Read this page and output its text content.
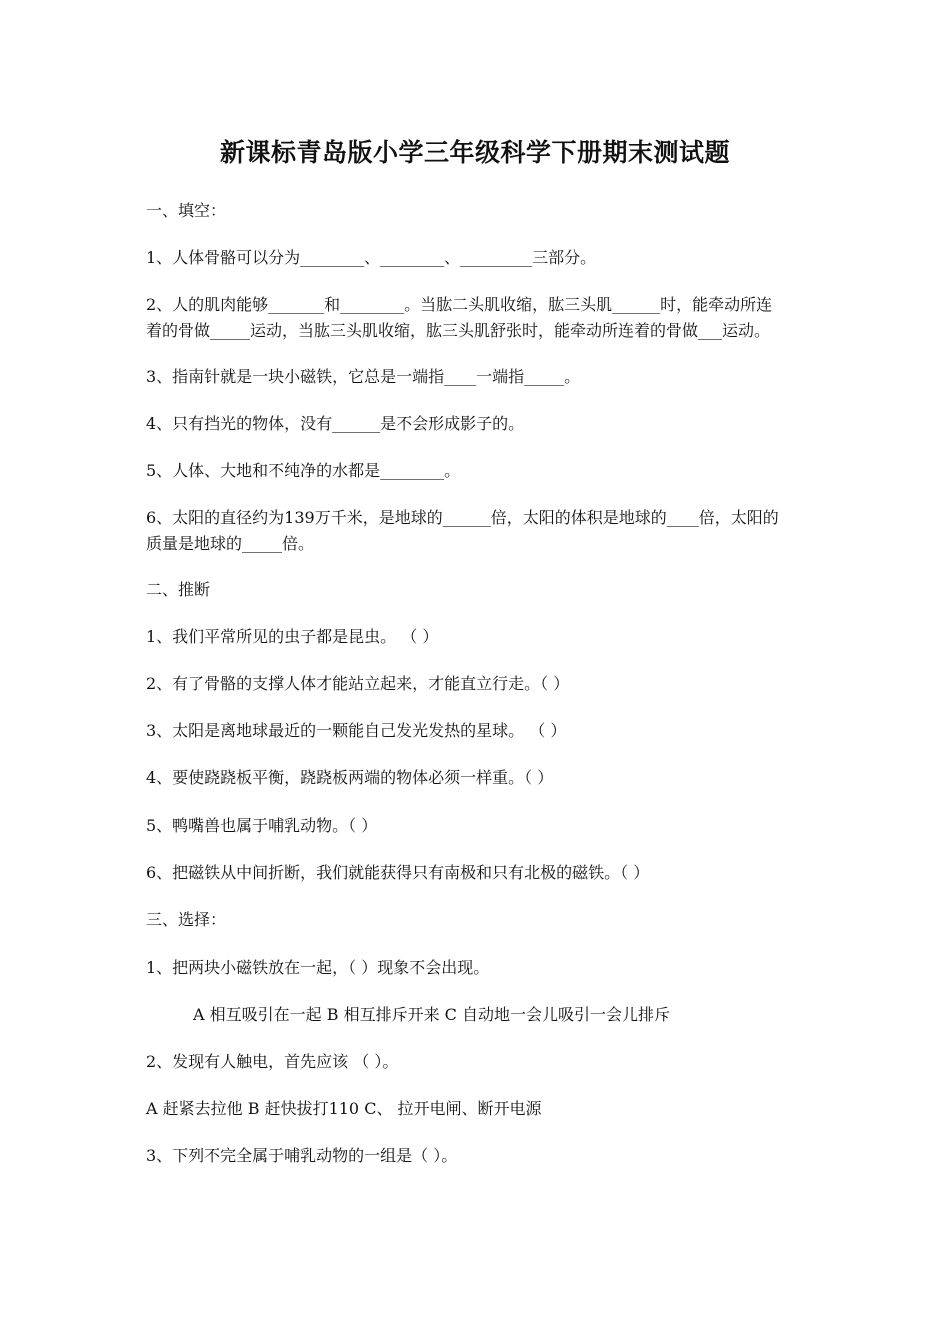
新课标青岛版小学三年级科学下册期末测试题
一、填空：
1、人体骨骼可以分为________、________、_________三部分。
2、人的肌肉能够_______和________。当肱二头肌收缩，肱三头肌______时，能牵动所连
着的骨做_____运动，当肱三头肌收缩，肱三头肌舒张时，能牵动所连着的骨做___运动。
3、指南针就是一块小磁铁，它总是一端指____一端指_____。
4、只有挡光的物体，没有______是不会形成影子的。
5、人体、大地和不纯净的水都是________。
6、太阳的直径约为139万千米，是地球的______倍，太阳的体积是地球的____倍，太阳的
质量是地球的_____倍。
二、推断
1、我们平常所见的虫子都是昆虫。 （ ）
2、有了骨骼的支撑人体才能站立起来，才能直立行走。（ ）
3、太阳是离地球最近的一颗能自己发光发热的星球。 （ ）
4、要使跷跷板平衡，跷跷板两端的物体必须一样重。（ ）
5、鸭嘴兽也属于哺乳动物。（ ）
6、把磁铁从中间折断，我们就能获得只有南极和只有北极的磁铁。（ ）
三、选择：
1、把两块小磁铁放在一起，（ ）现象不会出现。
A 相互吸引在一起 B 相互排斥开来 C 自动地一会儿吸引一会儿排斥
2、发现有人触电，首先应该 （ ）。
A 赶紧去拉他 B 赶快拔打110 C、 拉开电闸、断开电源
3、下列不完全属于哺乳动物的一组是（ ）。
